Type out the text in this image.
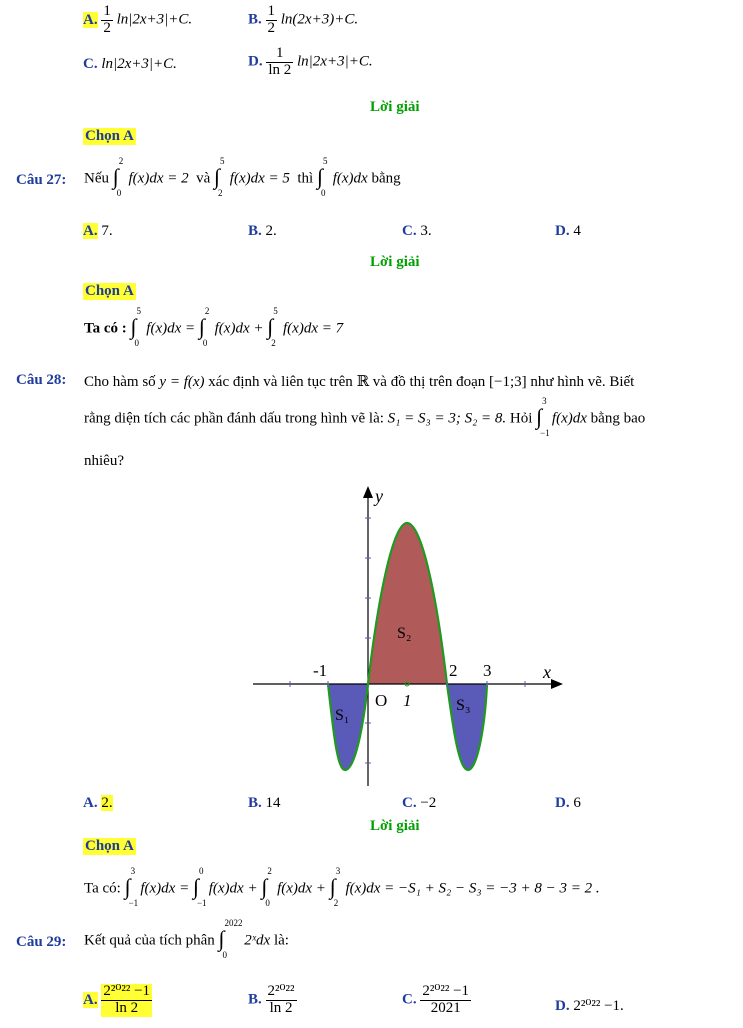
A. $\frac{1}{2} \ln|2x+3|+C$.	B. $\frac{1}{2} \ln(2x+3)+C$.
C. ln|2x+3|+C.	D. $\frac{1}{\ln 2} \ln|2x+3|+C$.
Lời giải
Chọn A
Câu 27: Nếu ∫
2
0
f(x)dx = 2 và ∫
5
2
f(x)dx = 5 thì ∫
5
0
f(x)dx bằng
A. 7.	B. 2.	C. 3.	D. 4
Lời giải
Chọn A
Ta có : ∫
5
0
f(x)dx = ∫
2
0
f(x)dx + ∫
5
2
f(x)dx = 7
Câu 28: Cho hàm số y = f(x) xác định và liên tục trên ℝ và đồ thị trên đoạn [−1;3] như hình vẽ. Biết
rằng diện tích các phần đánh dấu trong hình vẽ là: S₁ = S₃ = 3; S₂ = 8. Hỏi ∫
3
−1
f(x)dx bằng bao
nhiêu?
y
x
O 1
-1	2 3
S₁
S₂
S₃
A. 2.	B. 14	C. −2	D. 6
Lời giải
Chọn A
Ta có: ∫
3
−1
f(x)dx = ∫
0
−1
f(x)dx + ∫
2
0
f(x)dx + ∫
3
2
f(x)dx = −S₁ + S₂ − S₃ = −3 + 8 − 3 = 2 .
Câu 29: Kết quả của tích phân ∫
2022
0
2ˣdx là:
A. $\frac{\text{2²⁰²² −1}}{\ln 2}$	B. $\frac{\text{2²⁰²²}}{\ln 2}$	C. $\frac{\text{2²⁰²² −1}}{2021}$	D. 2²⁰²² −1.
